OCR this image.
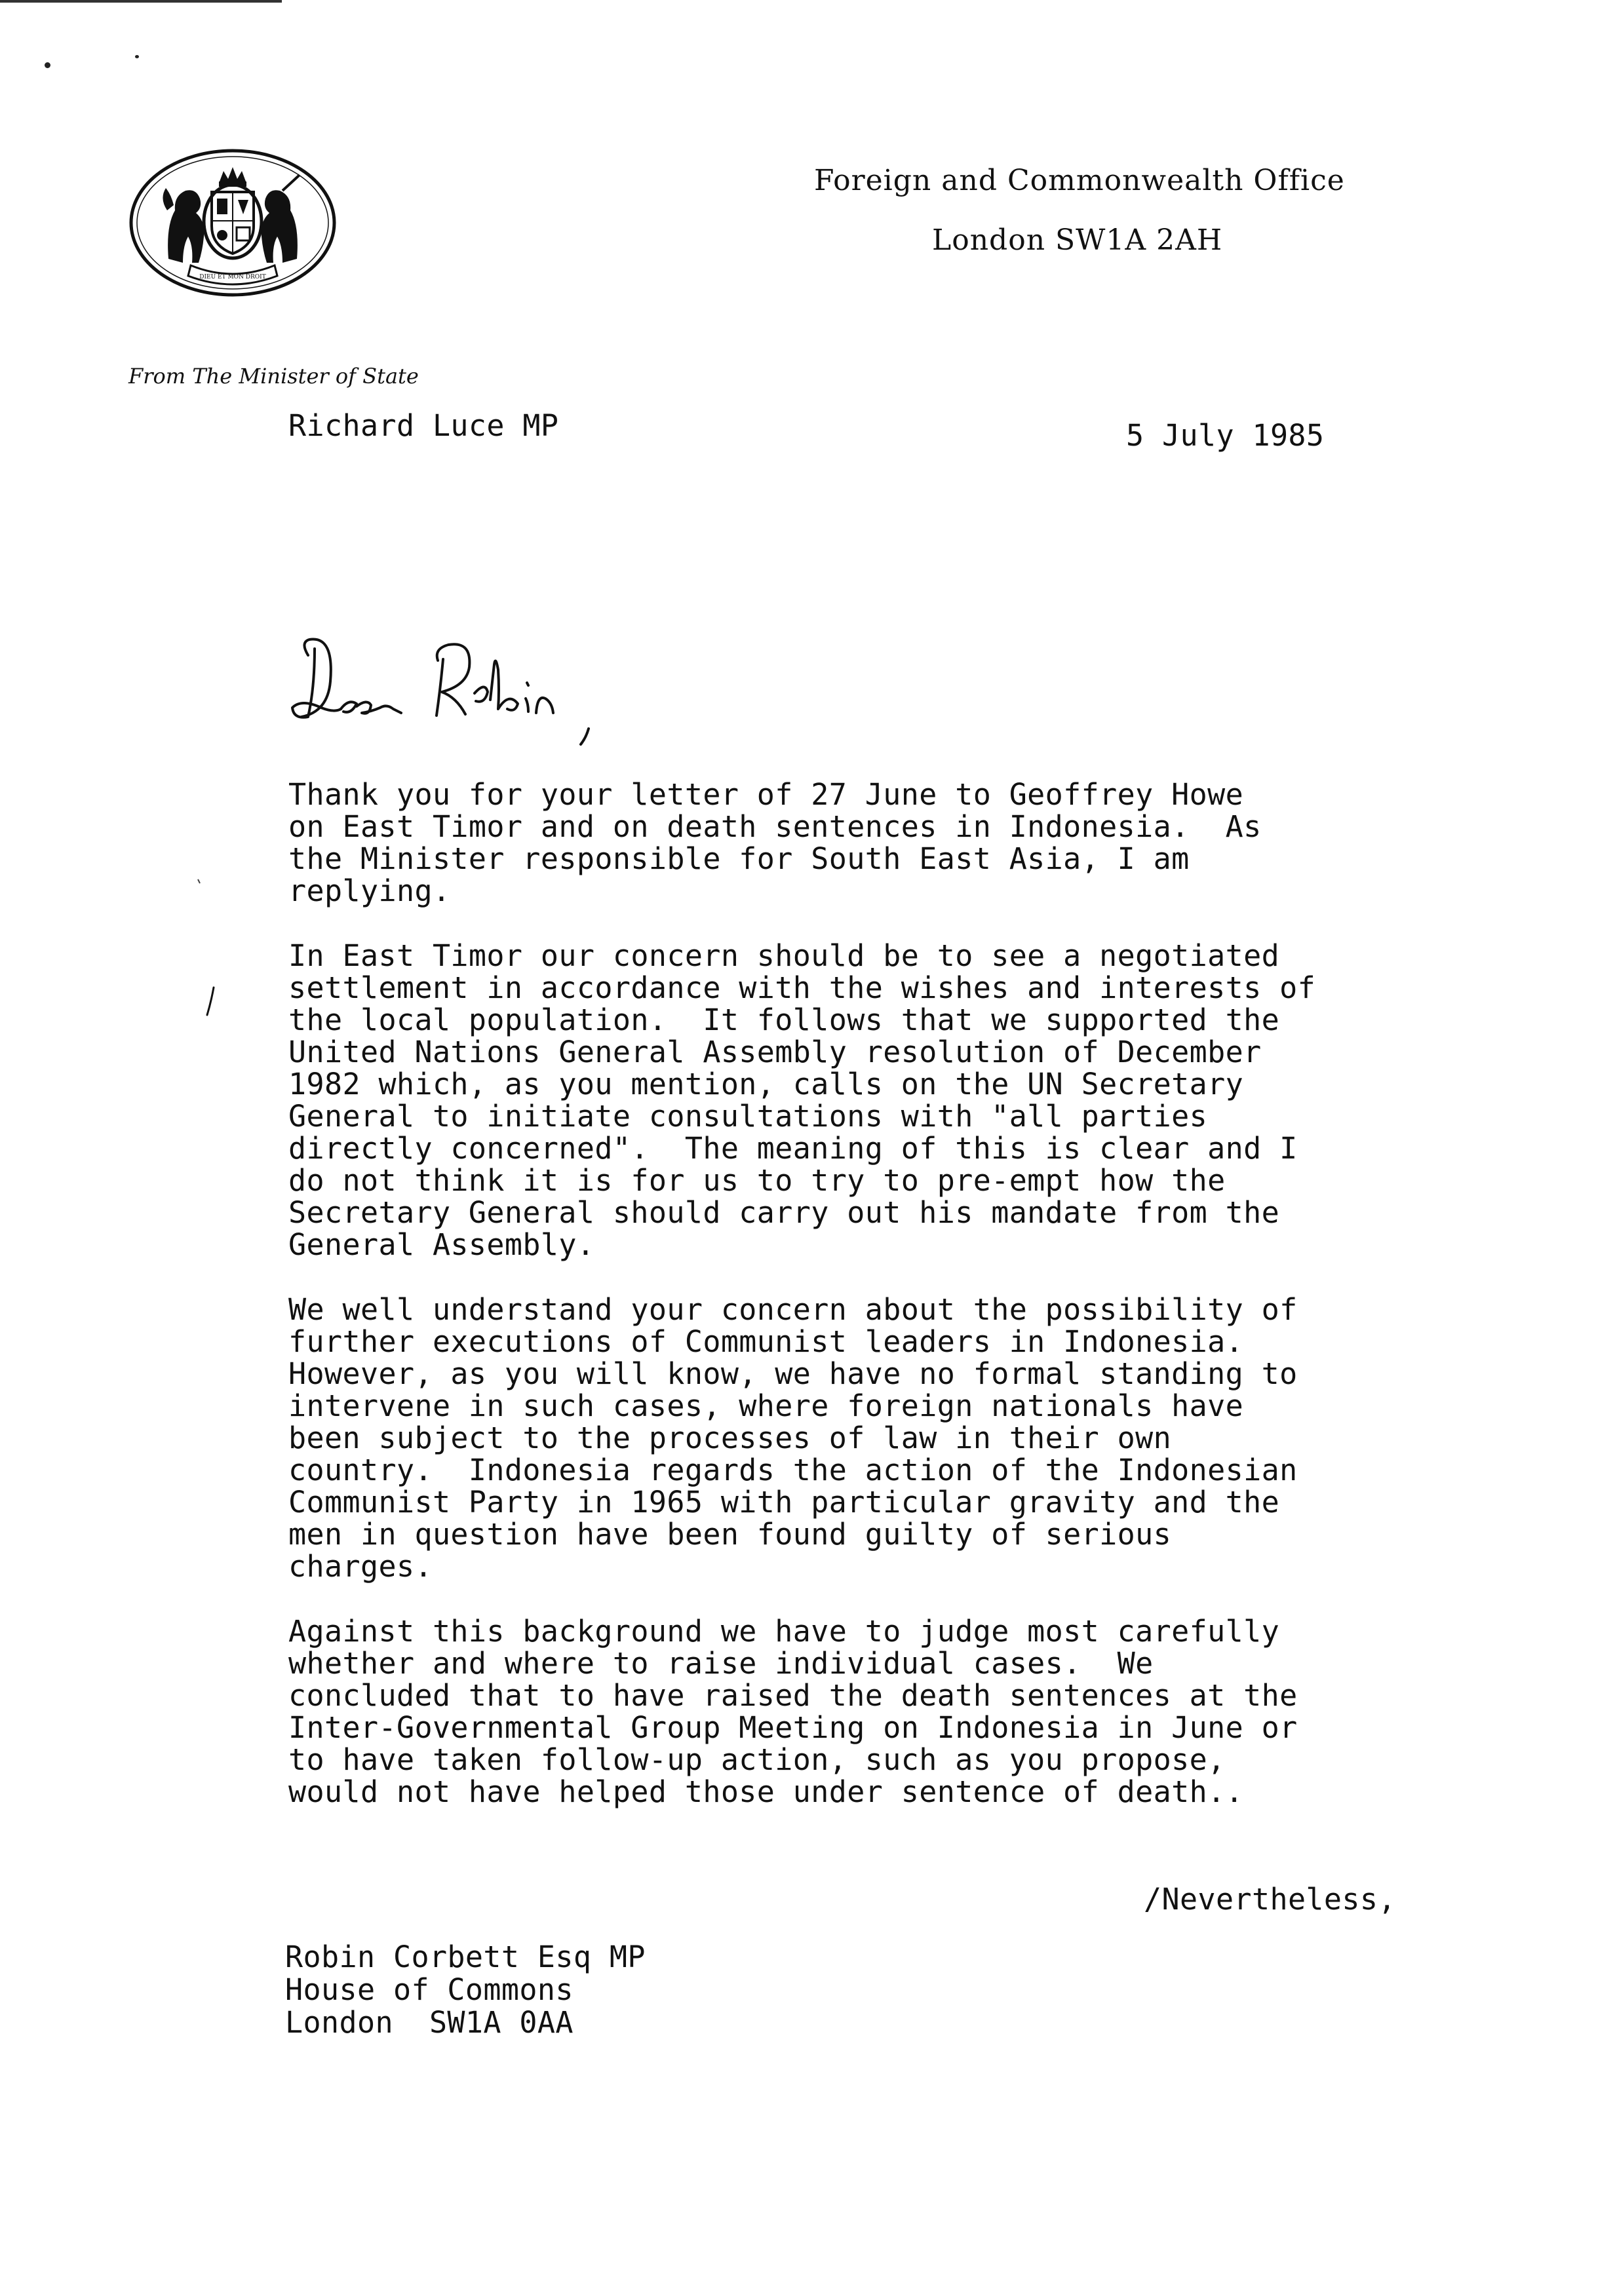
DIEU ET MON DROIT
Foreign and Commonwealth Office
London SW1A 2AH
From The Minister of State
Richard Luce MP	5 July 1985
Thank you for your letter of 27 June to Geoffrey Howe
on East Timor and on death sentences in Indonesia.  As
the Minister responsible for South East Asia, I am
replying.
In East Timor our concern should be to see a negotiated
settlement in accordance with the wishes and interests of
the local population.  It follows that we supported the
United Nations General Assembly resolution of December
1982 which, as you mention, calls on the UN Secretary
General to initiate consultations with "all parties
directly concerned".  The meaning of this is clear and I
do not think it is for us to try to pre-empt how the
Secretary General should carry out his mandate from the
General Assembly.
We well understand your concern about the possibility of
further executions of Communist leaders in Indonesia.
However, as you will know, we have no formal standing to
intervene in such cases, where foreign nationals have
been subject to the processes of law in their own
country.  Indonesia regards the action of the Indonesian
Communist Party in 1965 with particular gravity and the
men in question have been found guilty of serious
charges.
Against this background we have to judge most carefully
whether and where to raise individual cases.  We
concluded that to have raised the death sentences at the
Inter-Governmental Group Meeting on Indonesia in June or
to have taken follow-up action, such as you propose,
would not have helped those under sentence of death..
/Nevertheless,
Robin Corbett Esq MP
House of Commons
London  SW1A 0AA
